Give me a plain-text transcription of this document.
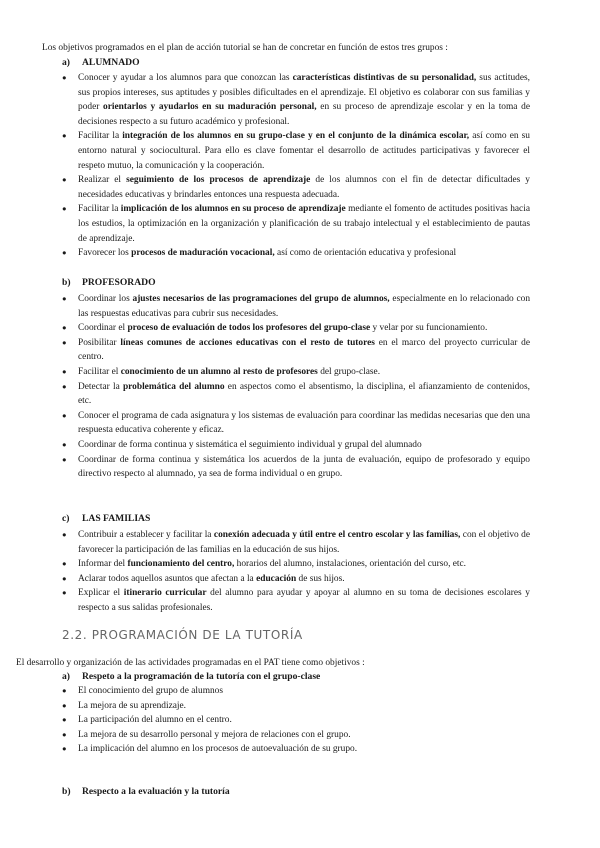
Los objetivos programados en el plan de acción tutorial se han de concretar en función de estos tres grupos :
a) ALUMNADO
● Conocer y ayudar a los alumnos para que conozcan las características distintivas de su personalidad, sus actitudes, sus propios intereses, sus aptitudes y posibles dificultades en el aprendizaje. El objetivo es colaborar con sus familias y poder orientarlos y ayudarlos en su maduración personal, en su proceso de aprendizaje escolar y en la toma de decisiones respecto a su futuro académico y profesional.
● Facilitar la integración de los alumnos en su grupo-clase y en el conjunto de la dinámica escolar, así como en su entorno natural y sociocultural. Para ello es clave fomentar el desarrollo de actitudes participativas y favorecer el respeto mutuo, la comunicación y la cooperación.
● Realizar el seguimiento de los procesos de aprendizaje de los alumnos con el fin de detectar dificultades y necesidades educativas y brindarles entonces una respuesta adecuada.
● Facilitar la implicación de los alumnos en su proceso de aprendizaje mediante el fomento de actitudes positivas hacia los estudios, la optimización en la organización y planificación de su trabajo intelectual y el establecimiento de pautas de aprendizaje.
● Favorecer los procesos de maduración vocacional, así como de orientación educativa y profesional
b) PROFESORADO
● Coordinar los ajustes necesarios de las programaciones del grupo de alumnos, especialmente en lo relacionado con las respuestas educativas para cubrir sus necesidades.
● Coordinar el proceso de evaluación de todos los profesores del grupo-clase y velar por su funcionamiento.
● Posibilitar líneas comunes de acciones educativas con el resto de tutores en el marco del proyecto curricular de centro.
● Facilitar el conocimiento de un alumno al resto de profesores del grupo-clase.
● Detectar la problemática del alumno en aspectos como el absentismo, la disciplina, el afianzamiento de contenidos, etc.
● Conocer el programa de cada asignatura y los sistemas de evaluación para coordinar las medidas necesarias que den una respuesta educativa coherente y eficaz.
● Coordinar de forma continua y sistemática el seguimiento individual y grupal del alumnado
● Coordinar de forma continua y sistemática los acuerdos de la junta de evaluación, equipo de profesorado y equipo directivo respecto al alumnado, ya sea de forma individual o en grupo.
c) LAS FAMILIAS
● Contribuir a establecer y facilitar la conexión adecuada y útil entre el centro escolar y las familias, con el objetivo de favorecer la participación de las familias en la educación de sus hijos.
● Informar del funcionamiento del centro, horarios del alumno, instalaciones, orientación del curso, etc.
● Aclarar todos aquellos asuntos que afectan a la educación de sus hijos.
● Explicar el itinerario curricular del alumno para ayudar y apoyar al alumno en su toma de decisiones escolares y respecto a sus salidas profesionales.
2.2. PROGRAMACIÓN DE LA TUTORÍA
El desarrollo y organización de las actividades programadas en el PAT tiene como objetivos :
a) Respeto a la programación de la tutoría con el grupo-clase
● El conocimiento del grupo de alumnos
● La mejora de su aprendizaje.
● La participación del alumno en el centro.
● La mejora de su desarrollo personal y mejora de relaciones con el grupo.
● La implicación del alumno en los procesos de autoevaluación de su grupo.
b) Respecto a la evaluación y la tutoría
